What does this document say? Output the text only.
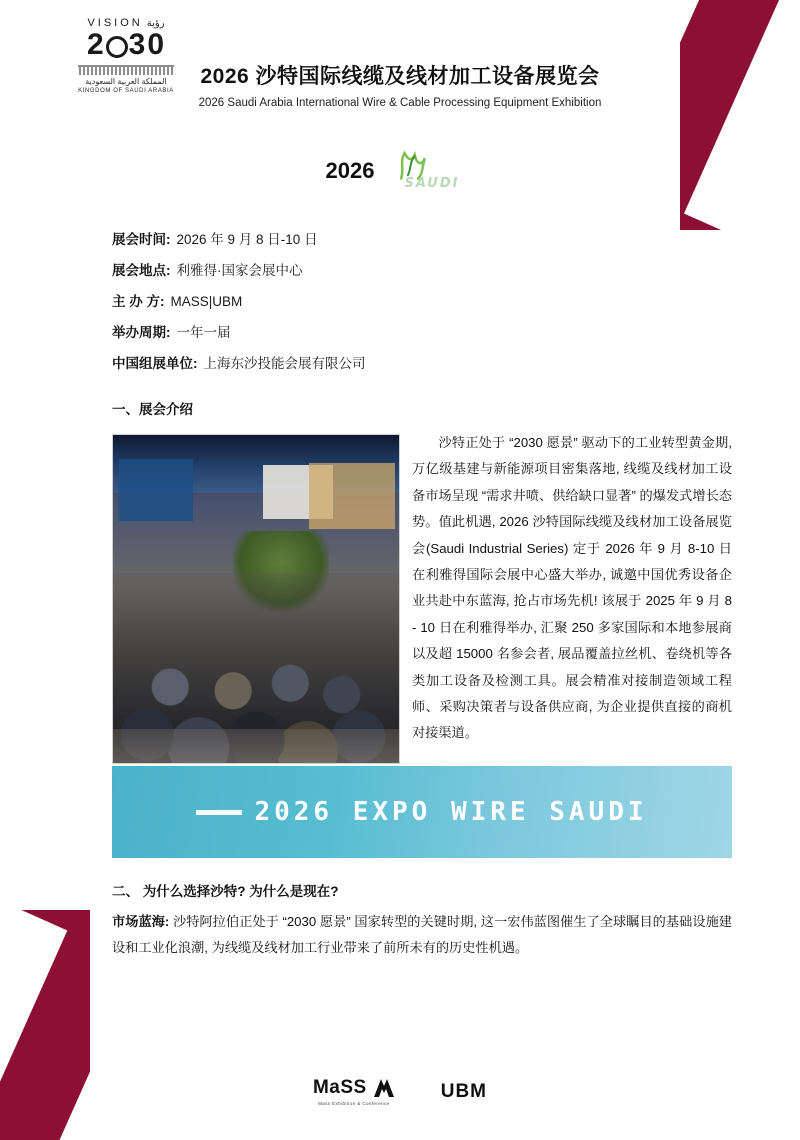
VISION رؤية
2 3 0
المملكة العربية السعودية
KINGDOM OF SAUDI ARABIA
2026 沙特国际线缆及线材加工设备展览会
2026 Saudi Arabia International Wire & Cable Processing Equipment Exhibition
2026
SAUDI
展会时间: 2026 年 9 月 8 日-10 日
展会地点: 利雅得·国家会展中心
主 办 方: MASS|UBM
举办周期: 一年一届
中国组展单位: 上海东沙投能会展有限公司
一、展会介绍
沙特正处于 “2030 愿景” 驱动下的工业转型黄金期, 万亿级基建与新能源项目密集落地, 线缆及线材加工设备市场呈现 “需求井喷、供给缺口显著” 的爆发式增长态势。值此机遇, 2026 沙特国际线缆及线材加工设备展览会(Saudi Industrial Series) 定于 2026 年 9 月 8-10 日在利雅得国际会展中心盛大举办, 诚邀中国优秀设备企业共赴中东蓝海, 抢占市场先机! 该展于 2025 年 9 月 8 - 10 日在利雅得举办, 汇聚 250 多家国际和本地参展商以及超 15000 名参会者, 展品覆盖拉丝机、卷绕机等各类加工设备及检测工具。展会精准对接制造领域工程师、采购决策者与设备供应商, 为企业提供直接的商机对接渠道。
2026 EXPO WIRE SAUDI
二、 为什么选择沙特? 为什么是现在?
市场蓝海: 沙特阿拉伯正处于 “2030 愿景” 国家转型的关键时期, 这一宏伟蓝图催生了全球瞩目的基础设施建设和工业化浪潮, 为线缆及线材加工行业带来了前所未有的历史性机遇。
MaSS
Mass Exhibition & Conference
UBM
